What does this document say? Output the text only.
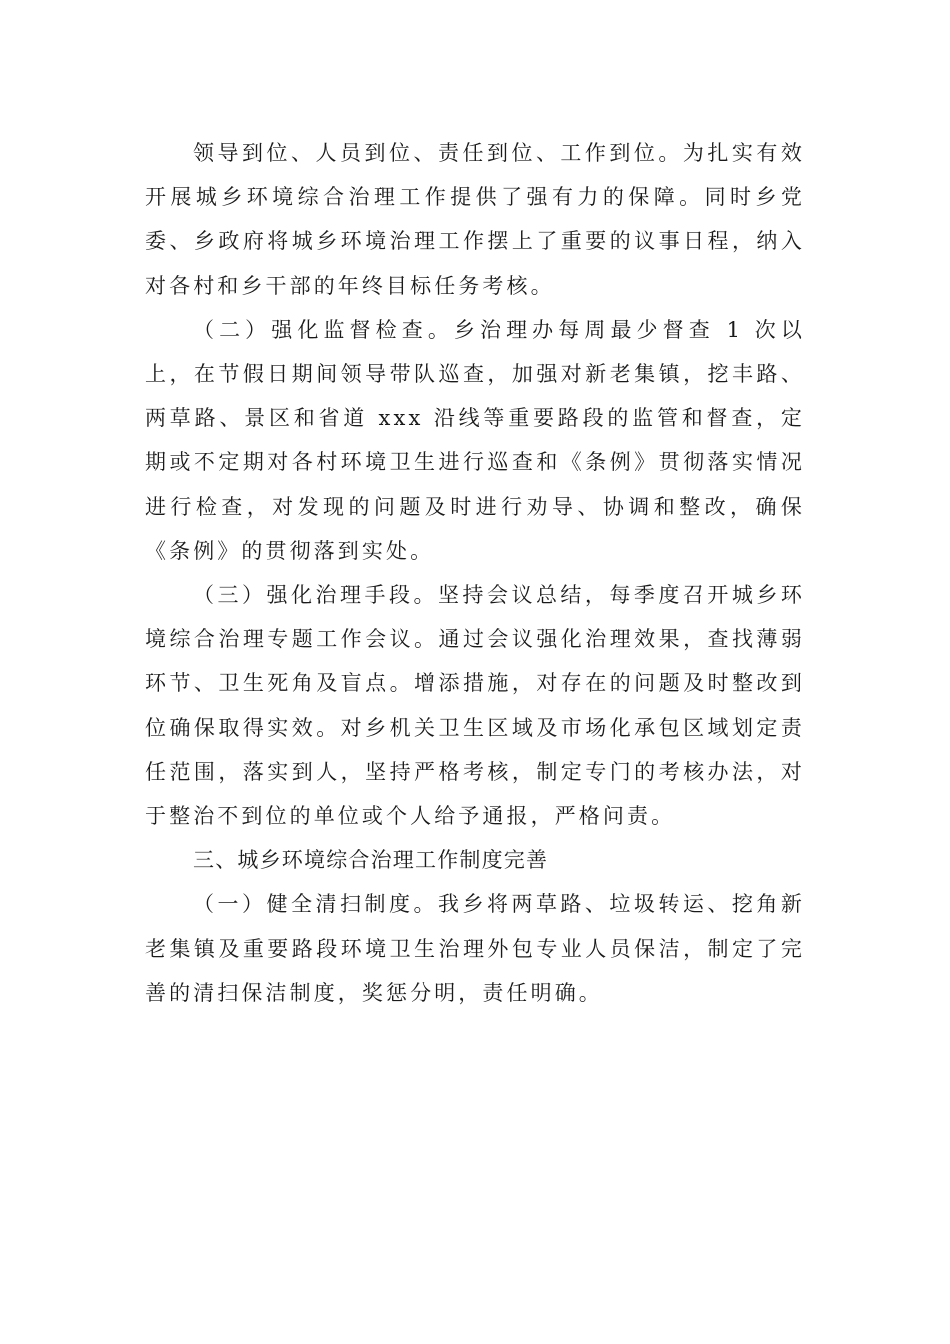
领导到位、人员到位、责任到位、工作到位。为扎实有效开展城乡环境综合治理工作提供了强有力的保障。同时乡党委、乡政府将城乡环境治理工作摆上了重要的议事日程，纳入对各村和乡干部的年终目标任务考核。

（二）强化监督检查。乡治理办每周最少督查 1 次以上，在节假日期间领导带队巡查，加强对新老集镇，挖丰路、两草路、景区和省道 xxx 沿线等重要路段的监管和督查，定期或不定期对各村环境卫生进行巡查和《条例》贯彻落实情况进行检查，对发现的问题及时进行劝导、协调和整改，确保《条例》的贯彻落到实处。

（三）强化治理手段。坚持会议总结，每季度召开城乡环境综合治理专题工作会议。通过会议强化治理效果，查找薄弱环节、卫生死角及盲点。增添措施，对存在的问题及时整改到位确保取得实效。对乡机关卫生区域及市场化承包区域划定责任范围，落实到人，坚持严格考核，制定专门的考核办法，对于整治不到位的单位或个人给予通报，严格问责。

三、城乡环境综合治理工作制度完善

（一）健全清扫制度。我乡将两草路、垃圾转运、挖角新老集镇及重要路段环境卫生治理外包专业人员保洁，制定了完善的清扫保洁制度，奖惩分明，责任明确。
